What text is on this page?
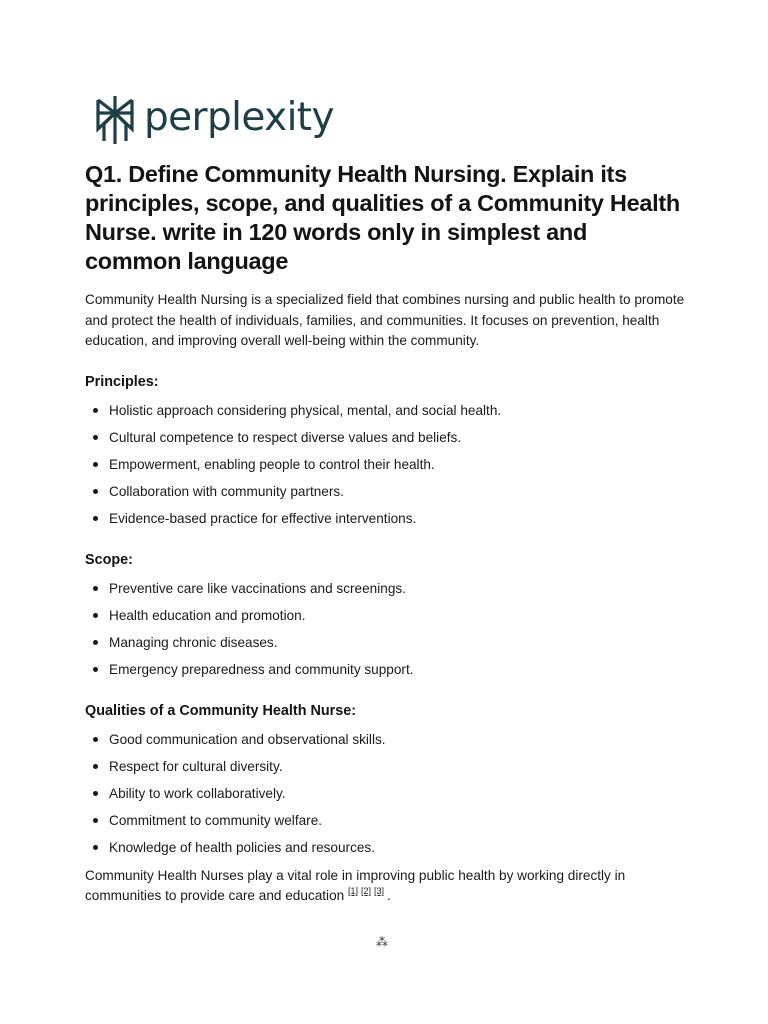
perplexity
Q1. Define Community Health Nursing. Explain its principles, scope, and qualities of a Community Health Nurse. write in 120 words only in simplest and common language

Community Health Nursing is a specialized field that combines nursing and public health to promote and protect the health of individuals, families, and communities. It focuses on prevention, health education, and improving overall well-being within the community.

Principles:
Holistic approach considering physical, mental, and social health.
Cultural competence to respect diverse values and beliefs.
Empowerment, enabling people to control their health.
Collaboration with community partners.
Evidence-based practice for effective interventions.
Scope:
Preventive care like vaccinations and screenings.
Health education and promotion.
Managing chronic diseases.
Emergency preparedness and community support.
Qualities of a Community Health Nurse:
Good communication and observational skills.
Respect for cultural diversity.
Ability to work collaboratively.
Commitment to community welfare.
Knowledge of health policies and resources.

Community Health Nurses play a vital role in improving public health by working directly in communities to provide care and education [1] [2] [3] .

⁂
